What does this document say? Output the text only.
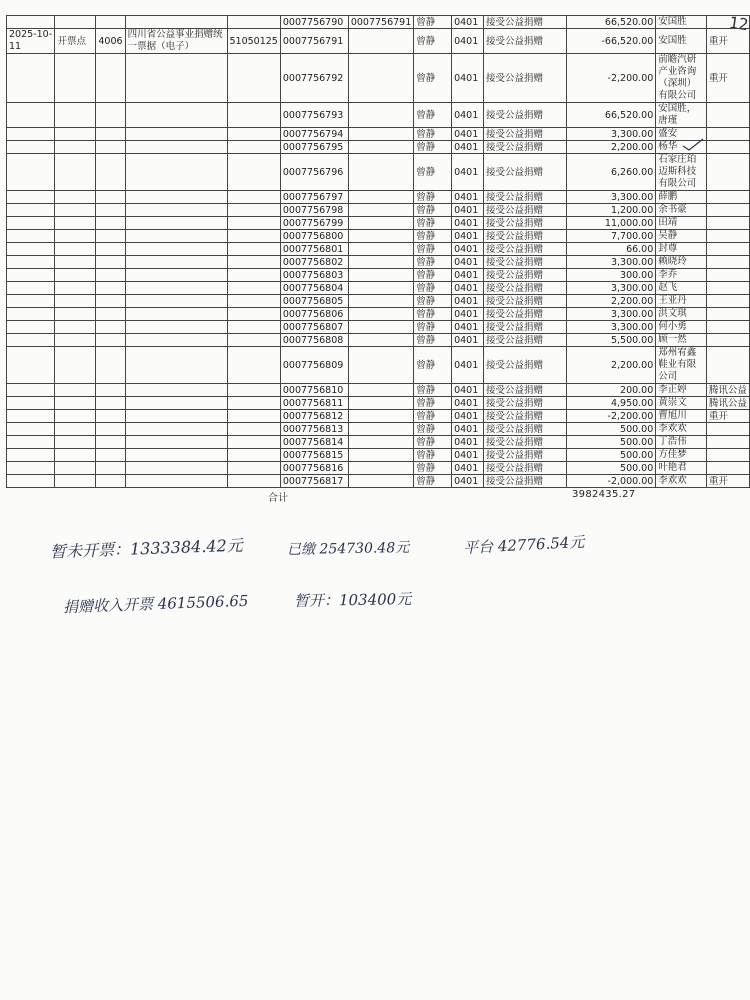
12
					0007756790	0007756791	曾静	0401	接受公益捐赠	66,520.00	安国胜	
2025-10-11	开票点	4006	四川省公益事业捐赠统一票据（电子）	51050125	0007756791		曾静	0401	接受公益捐赠	-66,520.00	安国胜	重开
					0007756792		曾静	0401	接受公益捐赠	-2,200.00	前瞻汽研产业咨询（深圳）有限公司	重开
					0007756793		曾静	0401	接受公益捐赠	66,520.00	安国胜，唐瑾	
					0007756794		曾静	0401	接受公益捐赠	3,300.00	盛安	
					0007756795		曾静	0401	接受公益捐赠	2,200.00	杨华	
					0007756796		曾静	0401	接受公益捐赠	6,260.00	石家庄珀迈斯科技有限公司	
					0007756797		曾静	0401	接受公益捐赠	3,300.00	薛鹏	
					0007756798		曾静	0401	接受公益捐赠	1,200.00	余书豪	
					0007756799		曾静	0401	接受公益捐赠	11,000.00	田靖	
					0007756800		曾静	0401	接受公益捐赠	7,700.00	吴静	
					0007756801		曾静	0401	接受公益捐赠	66.00	封尊	
					0007756802		曾静	0401	接受公益捐赠	3,300.00	赖晓玲	
					0007756803		曾静	0401	接受公益捐赠	300.00	李乔	
					0007756804		曾静	0401	接受公益捐赠	3,300.00	赵飞	
					0007756805		曾静	0401	接受公益捐赠	2,200.00	王亚丹	
					0007756806		曾静	0401	接受公益捐赠	3,300.00	洪文琪	
					0007756807		曾静	0401	接受公益捐赠	3,300.00	何小勇	
					0007756808		曾静	0401	接受公益捐赠	5,500.00	顾一然	
					0007756809		曾静	0401	接受公益捐赠	2,200.00	郑州宥鑫鞋业有限公司	
					0007756810		曾静	0401	接受公益捐赠	200.00	李正婷	腾讯公益
					0007756811		曾静	0401	接受公益捐赠	4,950.00	黄崇文	腾讯公益
					0007756812		曾静	0401	接受公益捐赠	-2,200.00	曹旭川	重开
					0007756813		曾静	0401	接受公益捐赠	500.00	李欢欢	
					0007756814		曾静	0401	接受公益捐赠	500.00	丁浩伟	
					0007756815		曾静	0401	接受公益捐赠	500.00	方佳梦	
					0007756816		曾静	0401	接受公益捐赠	500.00	叶艳君	
					0007756817		曾静	0401	接受公益捐赠	-2,000.00	李欢欢	重开
合计	3982435.27
暂未开票：1333384.42元	已缴 254730.48元	平台 42776.54元
捐赠收入开票 4615506.65	暂开：103400元
